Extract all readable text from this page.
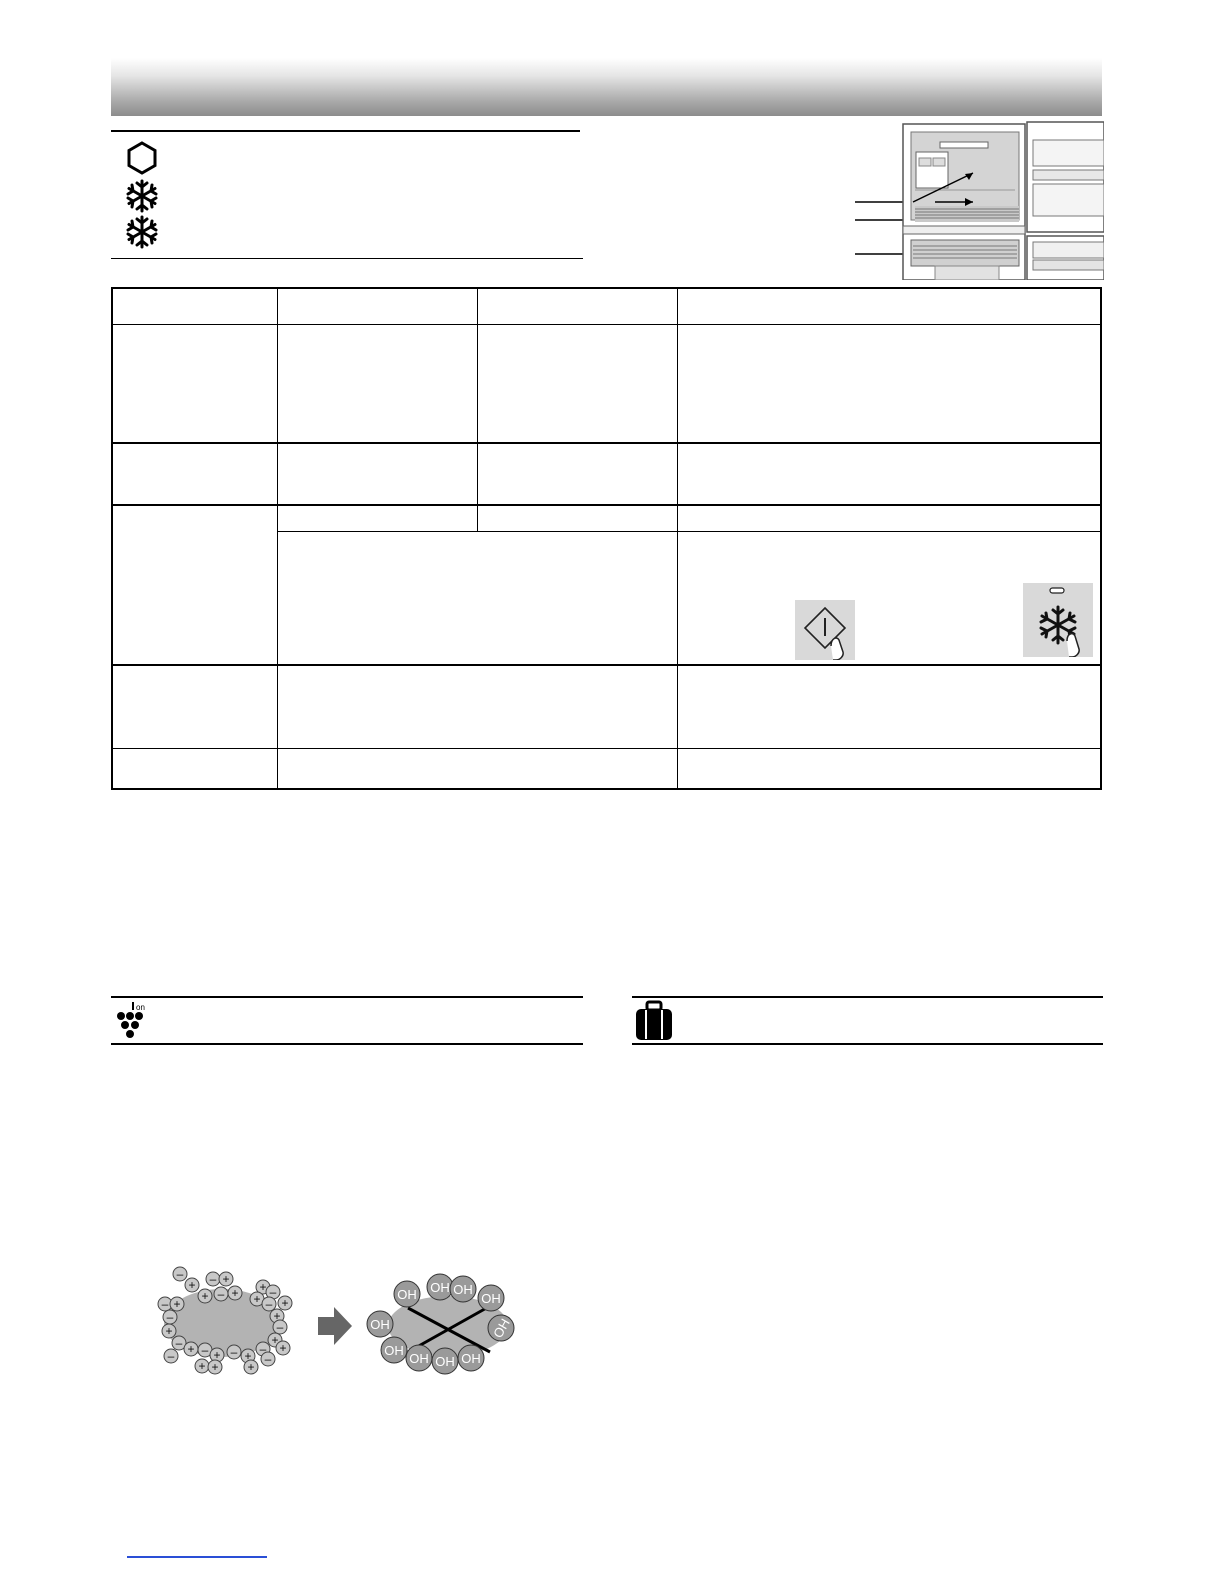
on
–
+
+
– +
+
–	+ –
+ – +
– +
–
+
+
–
+
+
–
–
– + – + – +
+ + +
–
OH OH OH
OH
OH	OH
OH
OH OH OH
